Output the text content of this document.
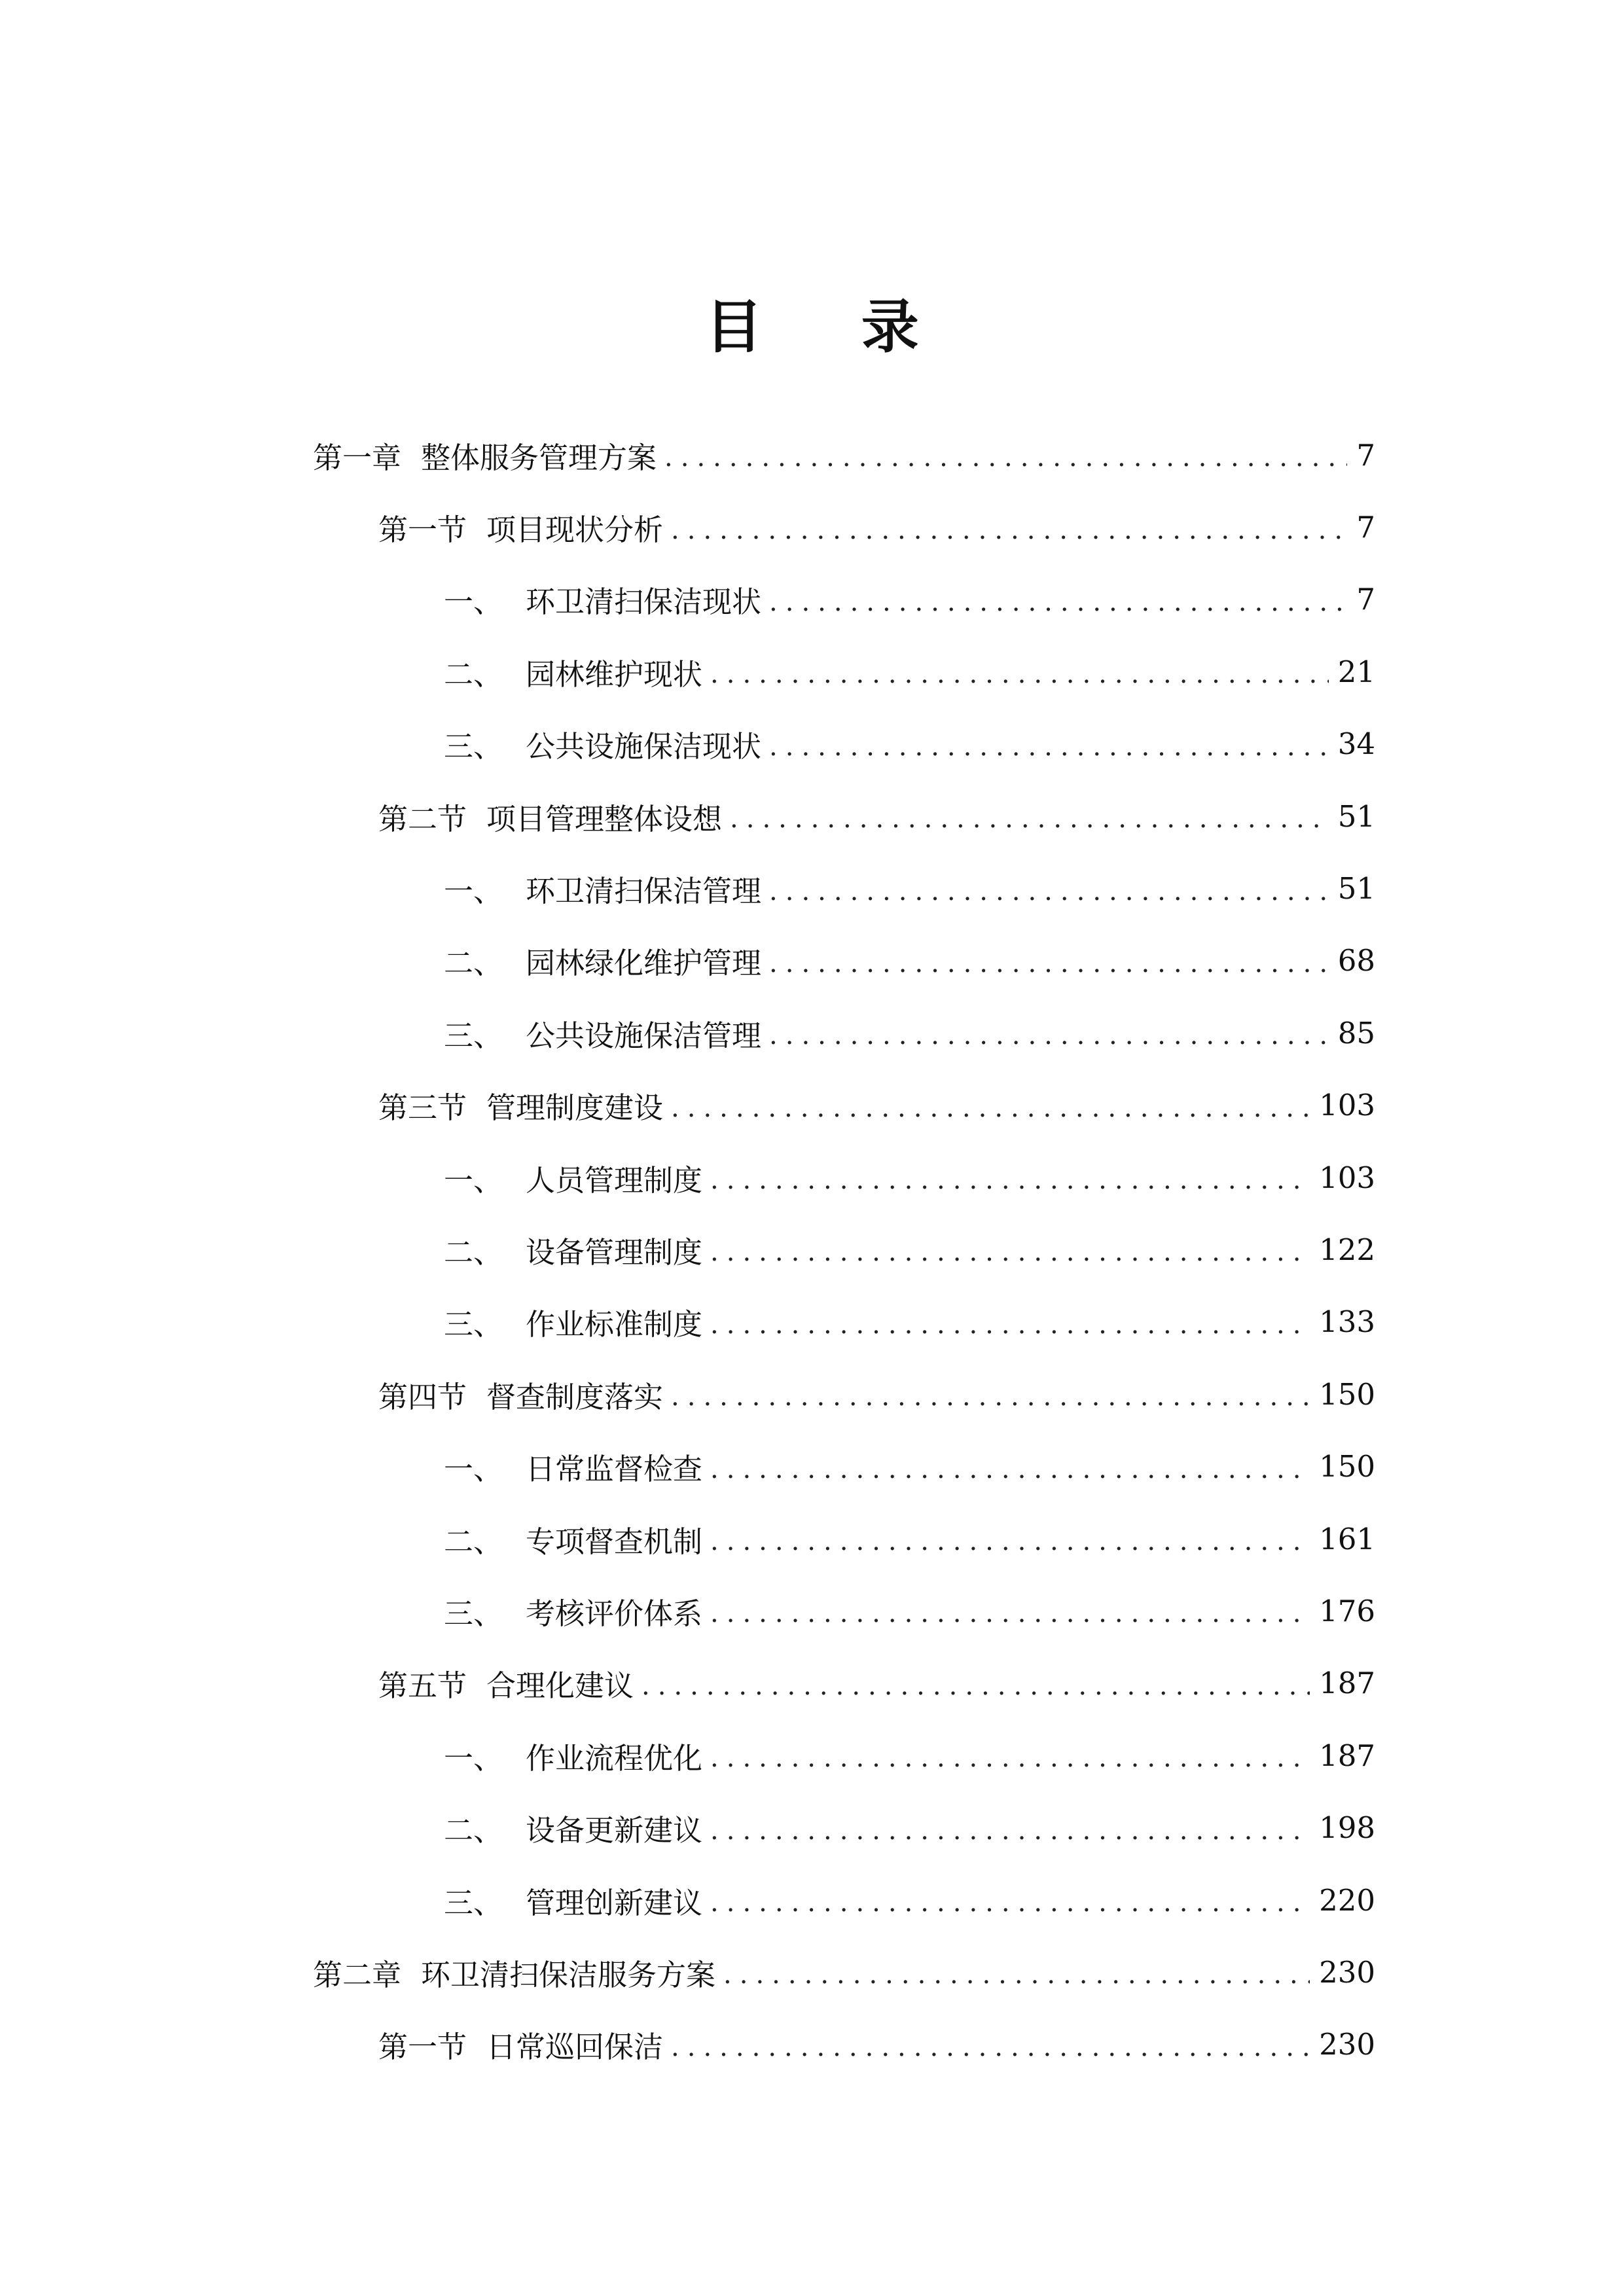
目 录
第一章 整体服务管理方案 .....	7
第一节 项目现状分析 .....	7
一、 环卫清扫保洁现状 .....	7
二、 园林维护现状 .....	21
三、 公共设施保洁现状 .....	34
第二节 项目管理整体设想 .....	51
一、 环卫清扫保洁管理 .....	51
二、 园林绿化维护管理 .....	68
三、 公共设施保洁管理 .....	85
第三节 管理制度建设 .....	103
一、 人员管理制度 .....	103
二、 设备管理制度 .....	122
三、 作业标准制度 .....	133
第四节 督查制度落实 .....	150
一、 日常监督检查 .....	150
二、 专项督查机制 .....	161
三、 考核评价体系 .....	176
第五节 合理化建议 .....	187
一、 作业流程优化 .....	187
二、 设备更新建议 .....	198
三、 管理创新建议 .....	220
第二章 环卫清扫保洁服务方案 .....	230
第一节 日常巡回保洁 .....	230
